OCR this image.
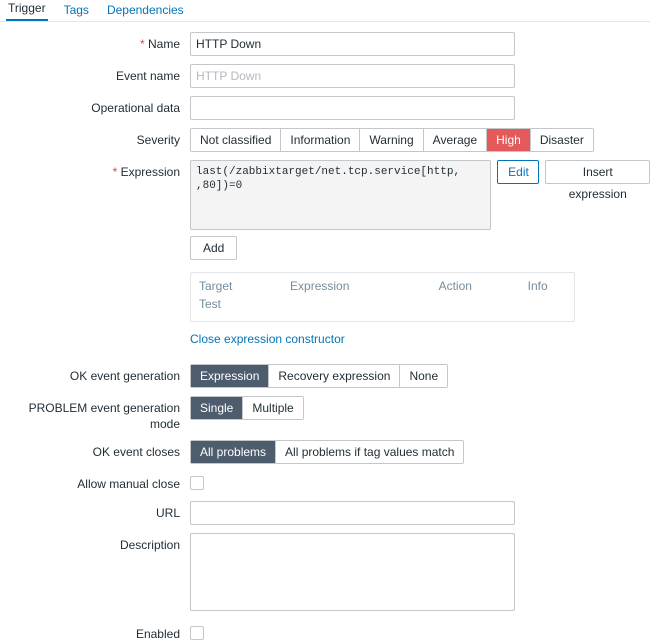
Trigger Tags Dependencies
* Name
HTTP Down
Event name
HTTP Down
Operational data
Severity	Not classified	Information	Warning	Average	High	Disaster
* Expression
last(/zabbixtarget/net.tcp.service[http, ,80])=0	Edit	Insert expression
Add
Target	Expression	Action	Info
Test
Close expression constructor
OK event generation	Expression	Recovery expression	None
PROBLEM event generation mode
Single	Multiple
OK event closes	All problems	All problems if tag values match
Allow manual close
URL
Description
Enabled
